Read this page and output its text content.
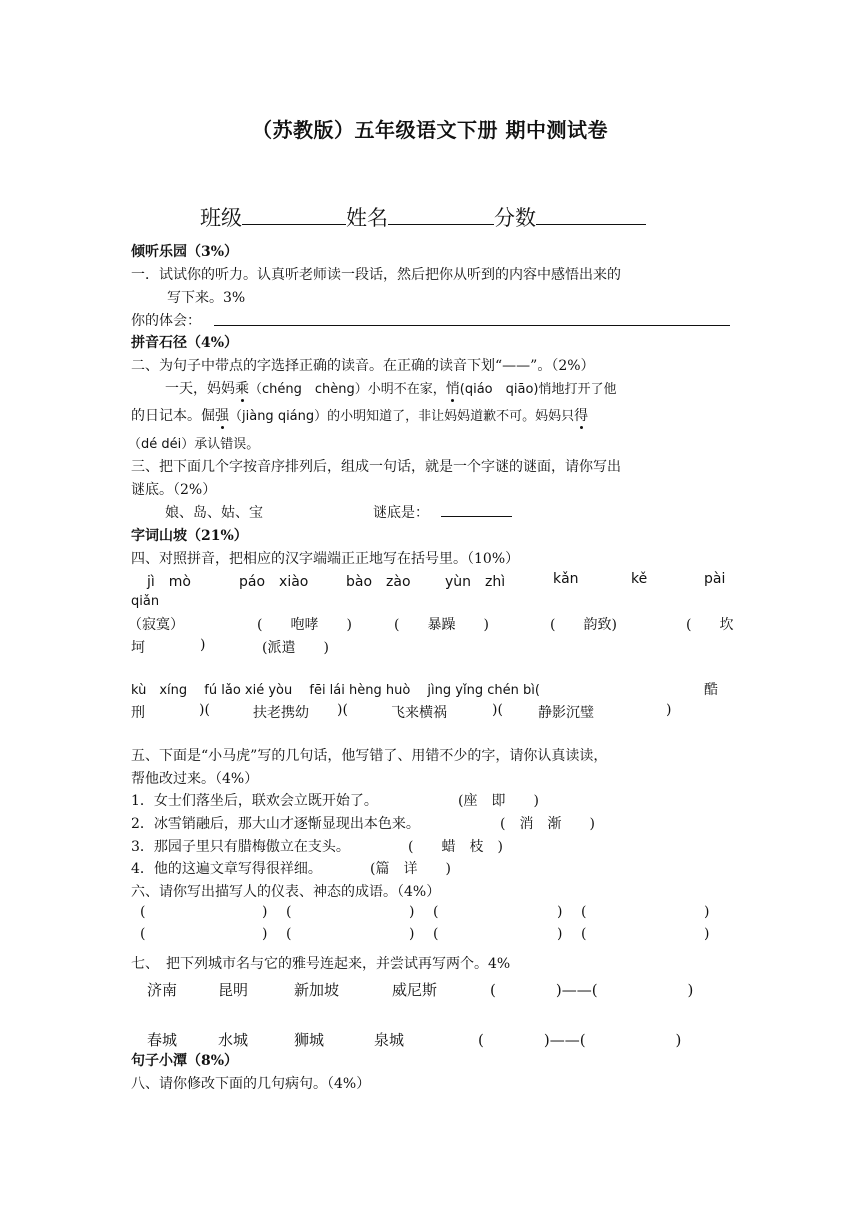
（苏教版）五年级语文下册 期中测试卷
班级	姓名	分数
倾听乐园（3%）
一．试试你的听力。认真听老师读一段话，然后把你从听到的内容中感悟出来的
写下来。3%
你的体会：
拼音石径（4%）
二、为句子中带点的字选择正确的读音。在正确的读音下划“——”。（2%）
一天，妈妈乘（chéng　chèng）小明不在家，悄(qiáo　qiāo)悄地打开了他
的日记本。倔强（jiàng qiáng）的小明知道了，非让妈妈道歉不可。妈妈只得
（dé déi）承认错误。
三、把下面几个字按音序排列后，组成一句话，就是一个字谜的谜面，请你写出
谜底。（2%）
娘、岛、姑、宝	谜底是：
字词山坡（21%）
四、对照拼音，把相应的汉字端端正正地写在括号里。（10%）
jì　mò	páo　xiào	bào　zào yùn　zhì	kǎn	kě	pài
qiǎn
（寂寞）	(　　咆哮　　)	(　　暴躁　　)	(　　韵致)	(　　坎
坷	)	(派遣　　)
kù　xíng　 fú lǎo xié yòu　 fēi lái hèng huò　 jìng yǐng chén bì(	酷
刑	)(	扶老携幼 )(	飞来横祸	)(	静影沉璧	)
五、下面是“小马虎”写的几句话，他写错了、用错不少的字，请你认真读读，
帮他改过来。（4%）
1．女士们落坐后，联欢会立既开始了。	(座　即　　)
2．冰雪销融后，那大山才逐惭显现出本色来。	(　消　渐　　)
3．那园子里只有腊梅傲立在支头。	(　　蜡　枝　)
4．他的这遍文章写得很祥细。	(篇　详　　)
六、请你写出描写人的仪表、神态的成语。（4%）
(	) (	) (	) (	)
(	) (	) (	) (	)
七、　把下列城市名与它的雅号连起来，并尝试再写两个。4%
济南	昆明	新加坡	威尼斯	(　　　　)——(　　　　　　)
春城	水城	狮城	泉城	(　　　　)——(　　　　　　)
句子小潭（8%）
八、请你修改下面的几句病句。（4%）
